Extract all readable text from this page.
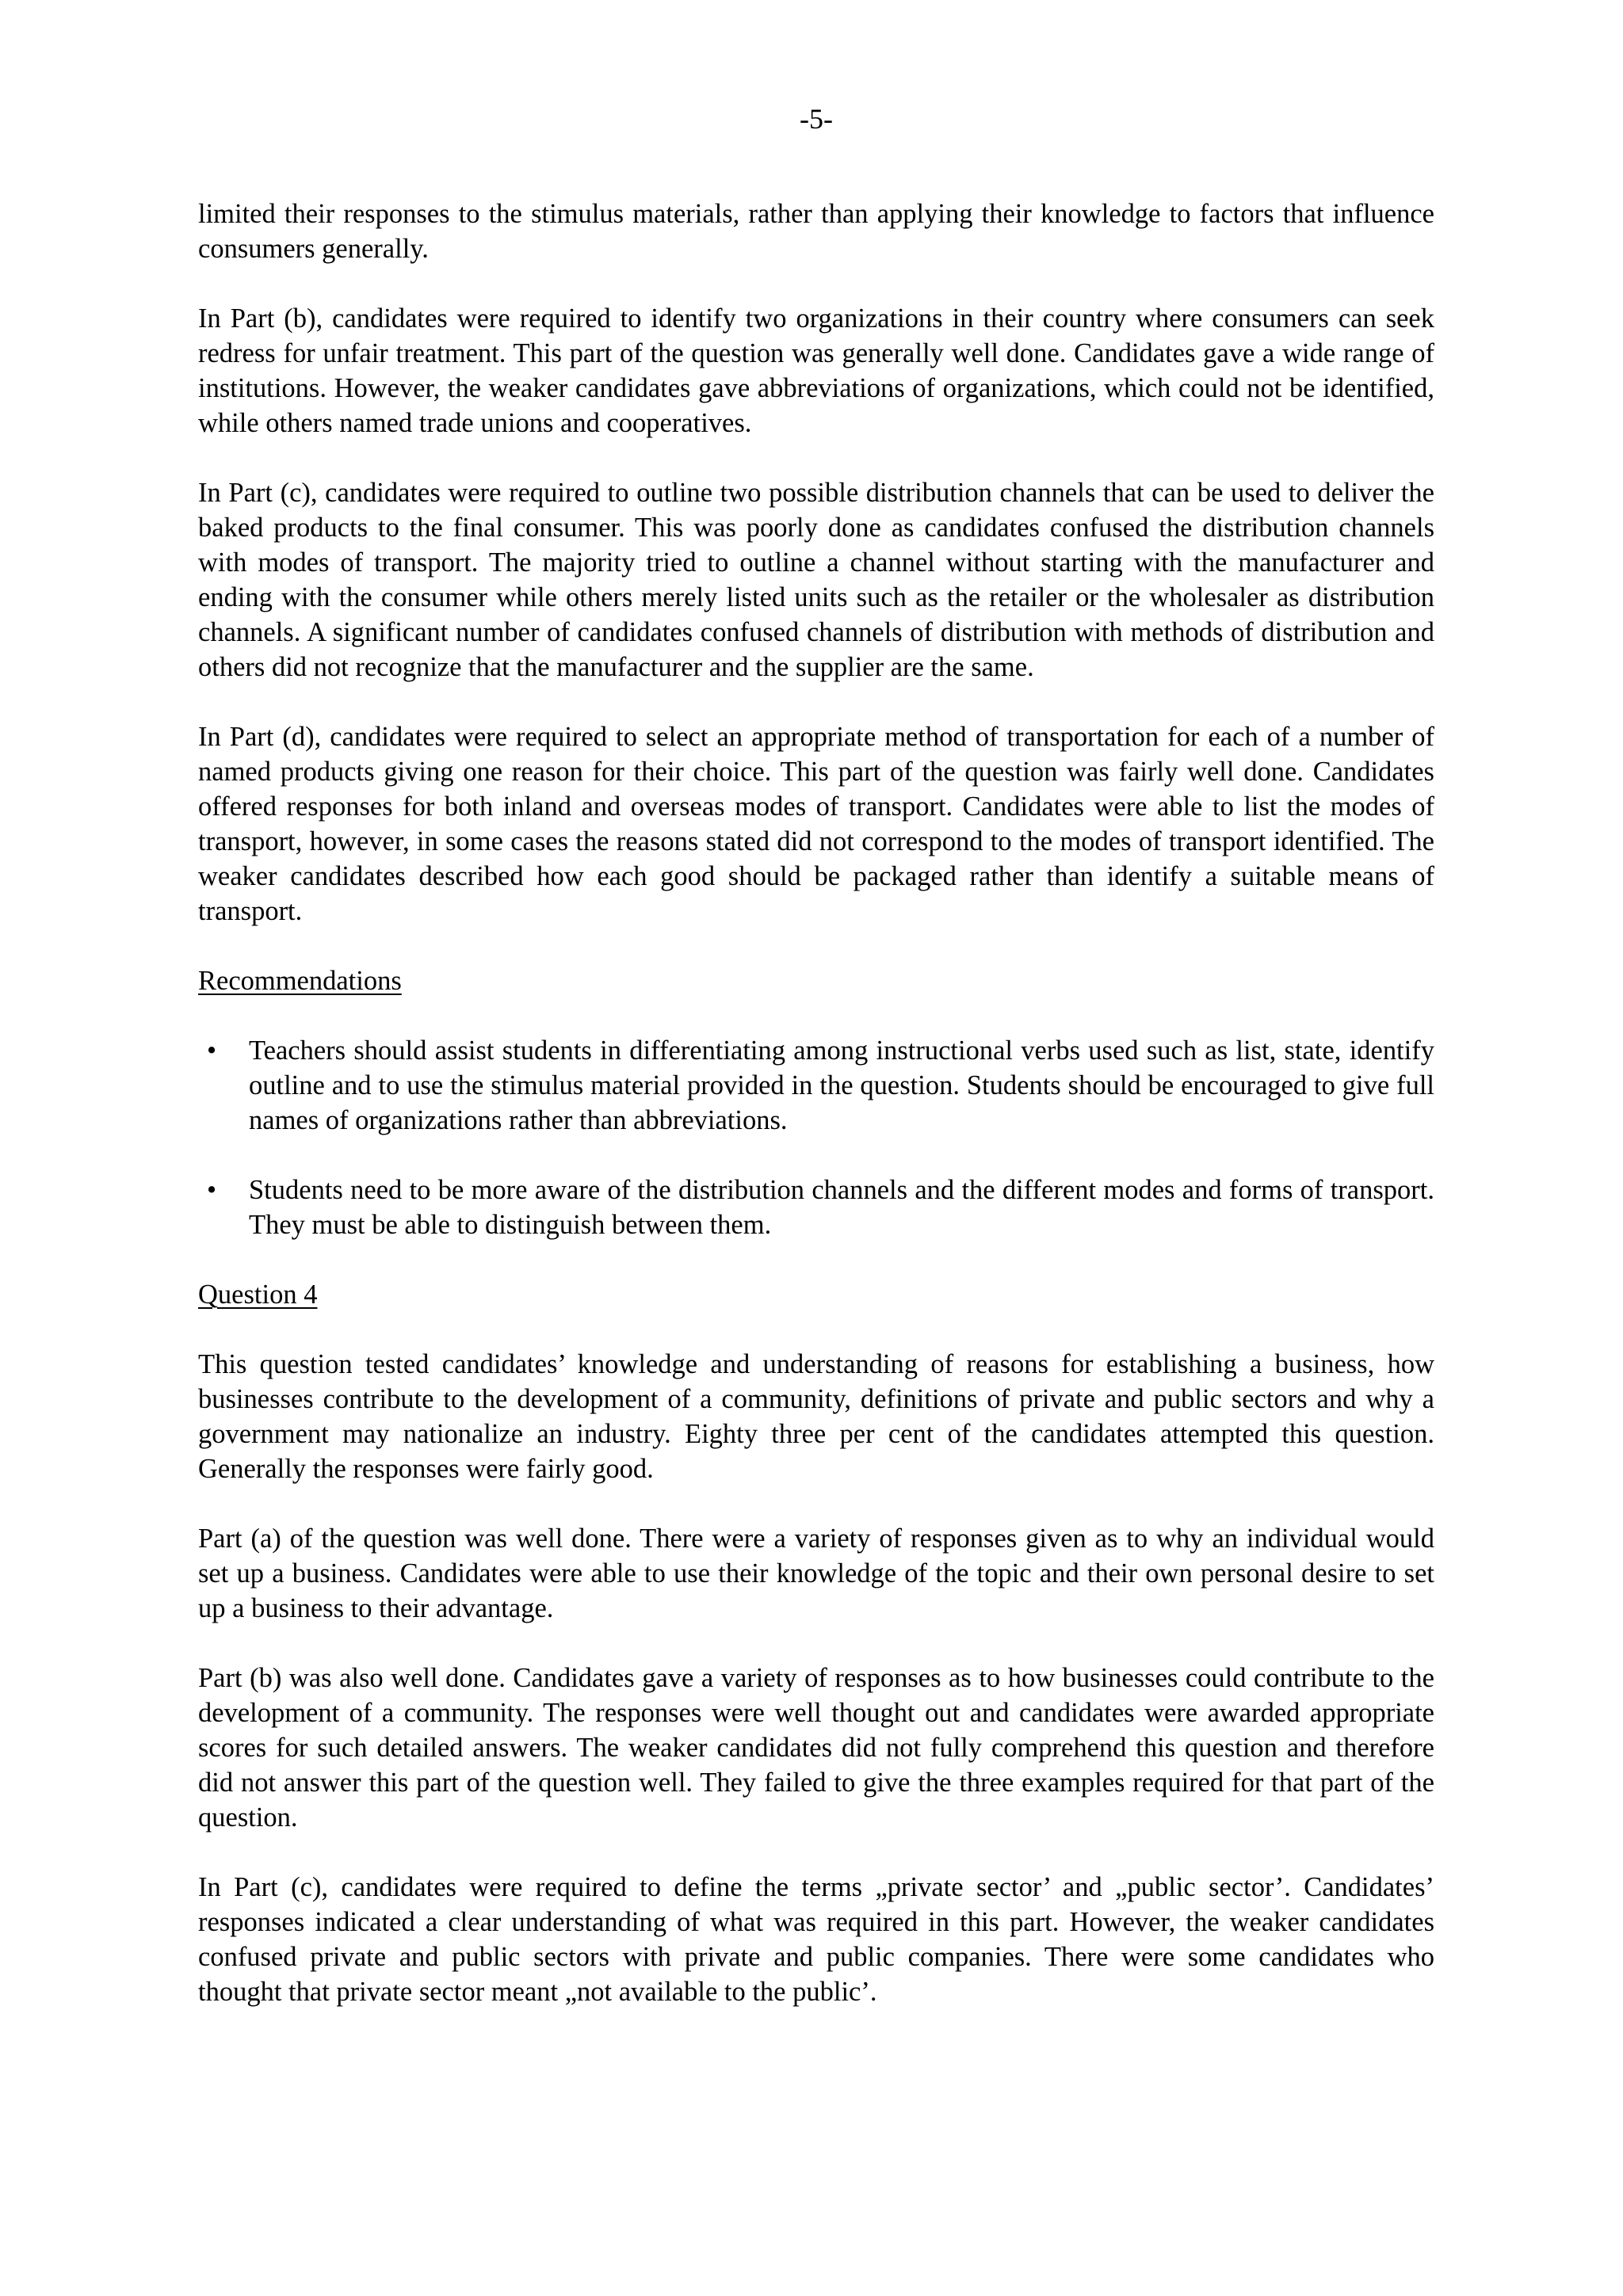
-5-

limited their responses to the stimulus materials, rather than applying their knowledge to factors that influence consumers generally.

In Part (b), candidates were required to identify two organizations in their country where consumers can seek redress for unfair treatment. This part of the question was generally well done. Candidates gave a wide range of institutions. However, the weaker candidates gave abbreviations of organizations, which could not be identified, while others named trade unions and cooperatives.

In Part (c), candidates were required to outline two possible distribution channels that can be used to deliver the baked products to the final consumer. This was poorly done as candidates confused the distribution channels with modes of transport. The majority tried to outline a channel without starting with the manufacturer and ending with the consumer while others merely listed units such as the retailer or the wholesaler as distribution channels. A significant number of candidates confused channels of distribution with methods of distribution and others did not recognize that the manufacturer and the supplier are the same.

In Part (d), candidates were required to select an appropriate method of transportation for each of a number of named products giving one reason for their choice. This part of the question was fairly well done. Candidates offered responses for both inland and overseas modes of transport. Candidates were able to list the modes of transport, however, in some cases the reasons stated did not correspond to the modes of transport identified. The weaker candidates described how each good should be packaged rather than identify a suitable means of transport.

Recommendations
• Teachers should assist students in differentiating among instructional verbs used such as list, state, identify outline and to use the stimulus material provided in the question. Students should be encouraged to give full names of organizations rather than abbreviations.
• Students need to be more aware of the distribution channels and the different modes and forms of transport. They must be able to distinguish between them.
Question 4

This question tested candidates’ knowledge and understanding of reasons for establishing a business, how businesses contribute to the development of a community, definitions of private and public sectors and why a government may nationalize an industry. Eighty three per cent of the candidates attempted this question. Generally the responses were fairly good.

Part (a) of the question was well done. There were a variety of responses given as to why an individual would set up a business. Candidates were able to use their knowledge of the topic and their own personal desire to set up a business to their advantage.

Part (b) was also well done. Candidates gave a variety of responses as to how businesses could contribute to the development of a community. The responses were well thought out and candidates were awarded appropriate scores for such detailed answers. The weaker candidates did not fully comprehend this question and therefore did not answer this part of the question well. They failed to give the three examples required for that part of the question.

In Part (c), candidates were required to define the terms „private sector’ and „public sector’. Candidates’ responses indicated a clear understanding of what was required in this part. However, the weaker candidates confused private and public sectors with private and public companies. There were some candidates who thought that private sector meant „not available to the public’.
